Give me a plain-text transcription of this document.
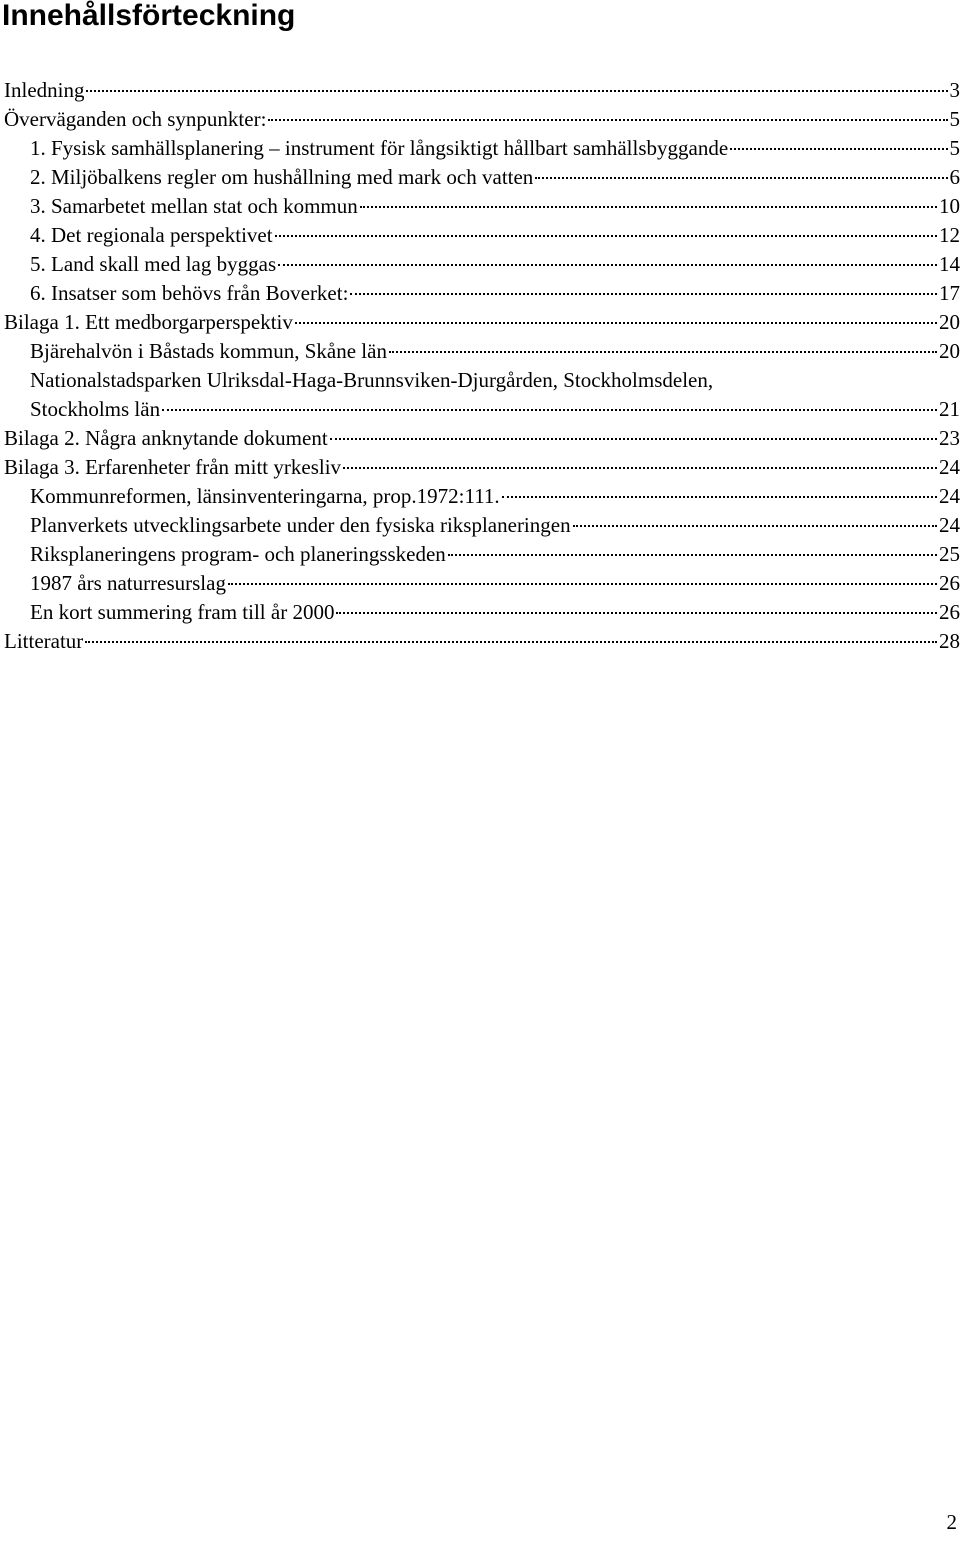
Innehållsförteckning
Inledning	3
Överväganden och synpunkter:	5
1. Fysisk samhällsplanering – instrument för långsiktigt hållbart samhällsbyggande	5
2. Miljöbalkens regler om hushållning med mark och vatten	6
3. Samarbetet mellan stat och kommun	10
4. Det regionala perspektivet	12
5. Land skall med lag byggas	14
6. Insatser som behövs från Boverket:	17
Bilaga 1. Ett medborgarperspektiv	20
Bjärehalvön i Båstads kommun, Skåne län	20
Nationalstadsparken Ulriksdal-Haga-Brunnsviken-Djurgården, Stockholmsdelen,
Stockholms län	21
Bilaga 2. Några anknytande dokument	23
Bilaga 3. Erfarenheter från mitt yrkesliv	24
Kommunreformen, länsinventeringarna, prop.1972:111.	24
Planverkets utvecklingsarbete under den fysiska riksplaneringen	24
Riksplaneringens program- och planeringsskeden	25
1987 års naturresurslag	26
En kort summering fram till år 2000	26
Litteratur	28
2
